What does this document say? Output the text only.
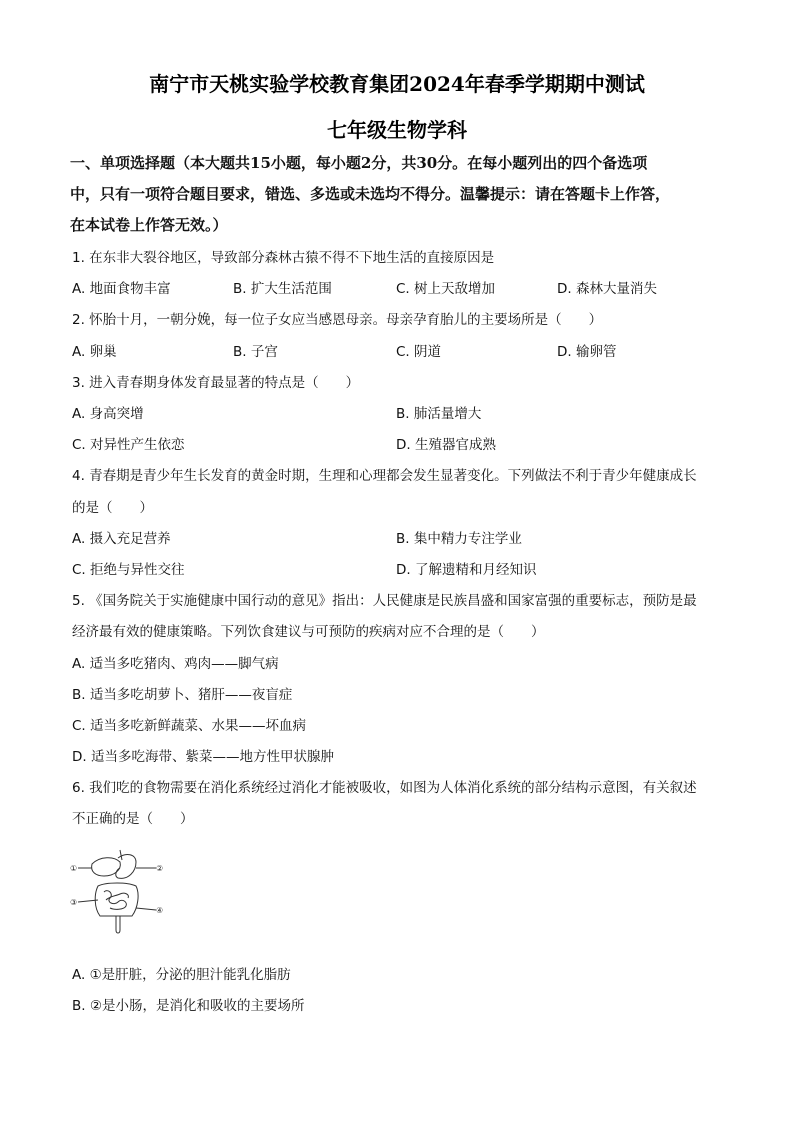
南宁市天桃实验学校教育集团2024年春季学期期中测试
七年级生物学科
一、单项选择题（本大题共15小题，每小题2分，共30分。在每小题列出的四个备选项
中，只有一项符合题目要求，错选、多选或未选均不得分。温馨提示：请在答题卡上作答，
在本试卷上作答无效。）
1. 在东非大裂谷地区，导致部分森林古猿不得不下地生活的直接原因是
A. 地面食物丰富	B. 扩大生活范围	C. 树上天敌增加	D. 森林大量消失
2. 怀胎十月，一朝分娩，每一位子女应当感恩母亲。母亲孕育胎儿的主要场所是（　　）
A. 卵巢	B. 子宫	C. 阴道	D. 输卵管
3. 进入青春期身体发育最显著的特点是（　　）
A. 身高突增	B. 肺活量增大
C. 对异性产生依恋	D. 生殖器官成熟
4. 青春期是青少年生长发育的黄金时期，生理和心理都会发生显著变化。下列做法不利于青少年健康成长
的是（　　）
A. 摄入充足营养	B. 集中精力专注学业
C. 拒绝与异性交往	D. 了解遗精和月经知识
5. 《国务院关于实施健康中国行动的意见》指出：人民健康是民族昌盛和国家富强的重要标志，预防是最
经济最有效的健康策略。下列饮食建议与可预防的疾病对应不合理的是（　　）
A. 适当多吃猪肉、鸡肉——脚气病
B. 适当多吃胡萝卜、猪肝——夜盲症
C. 适当多吃新鲜蔬菜、水果——坏血病
D. 适当多吃海带、紫菜——地方性甲状腺肿
6. 我们吃的食物需要在消化系统经过消化才能被吸收，如图为人体消化系统的部分结构示意图，有关叙述
不正确的是（　　）
①	②
③
④
A. ①是肝脏，分泌的胆汁能乳化脂肪
B. ②是小肠，是消化和吸收的主要场所
